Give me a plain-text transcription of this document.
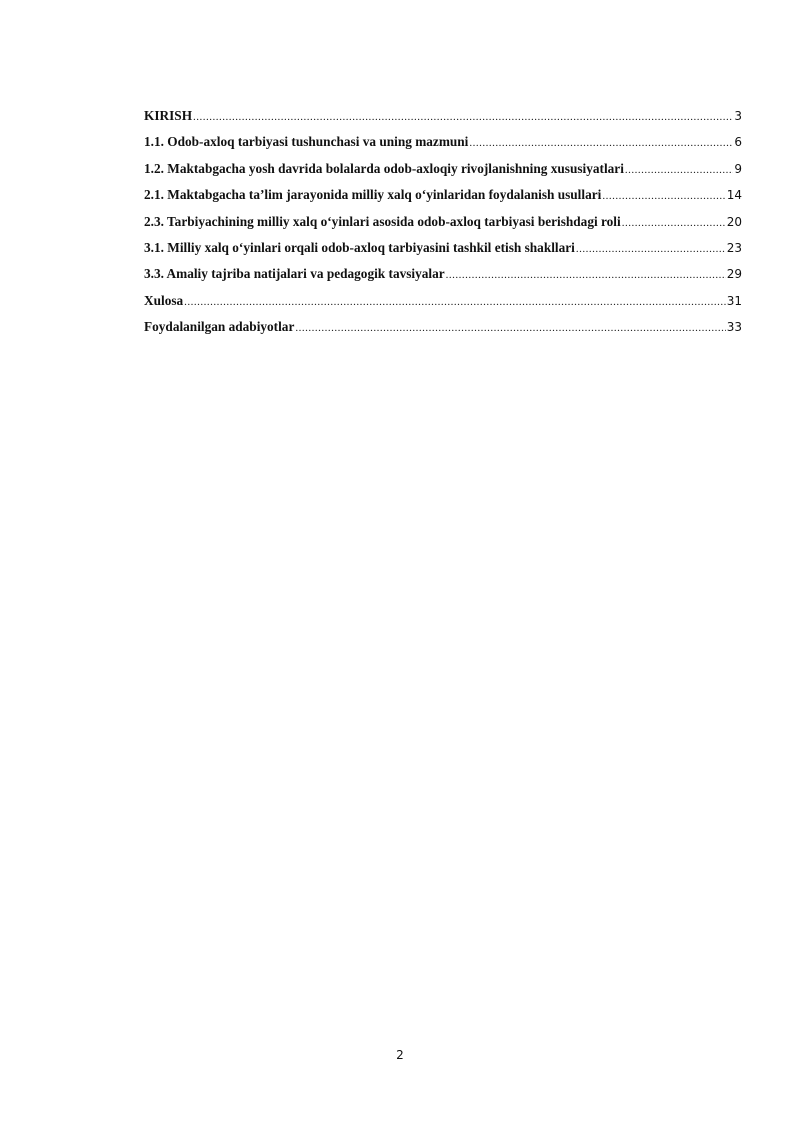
KIRISH .....	3
1.1. Odob-axloq tarbiyasi tushunchasi va uning mazmuni .....	6
1.2. Maktabgacha yosh davrida bolalarda odob-axloqiy rivojlanishning xususiyatlari .....	9
2.1. Maktabgacha ta’lim jarayonida milliy xalq o‘yinlaridan foydalanish usullari .....	14
2.3. Tarbiyachining milliy xalq o‘yinlari asosida odob-axloq tarbiyasi berishdagi roli .....	20
3.1. Milliy xalq o‘yinlari orqali odob-axloq tarbiyasini tashkil etish shakllari .....	23
3.3. Amaliy tajriba natijalari va pedagogik tavsiyalar .....	29
Xulosa .....	31
Foydalanilgan adabiyotlar .....	33
2
